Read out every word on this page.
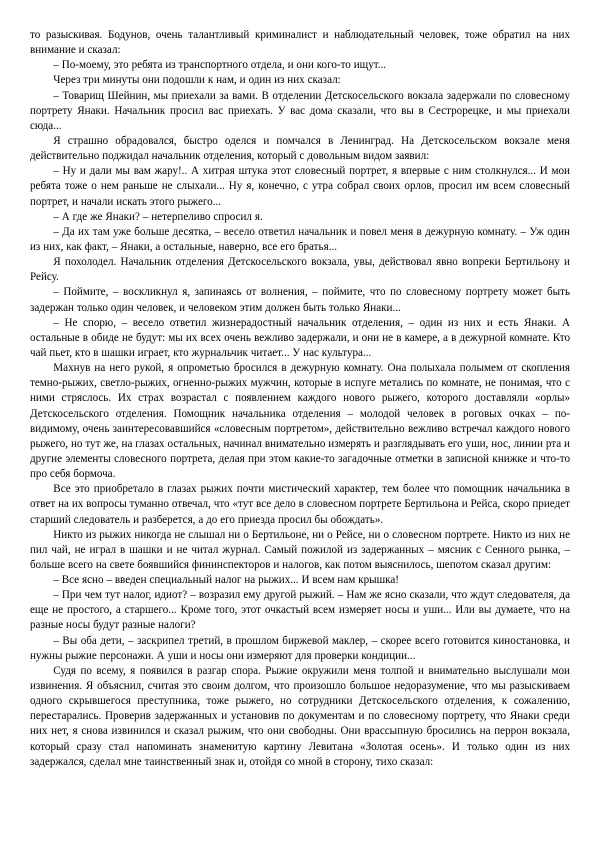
то разыскивая. Бодунов, очень талантливый криминалист и наблюдательный человек, тоже обратил на них внимание и сказал:

– По-моему, это ребята из транспортного отдела, и они кого-то ищут...

Через три минуты они подошли к нам, и один из них сказал:

– Товарищ Шейнин, мы приехали за вами. В отделении Детскосельского вокзала задержали по словесному портрету Янаки. Начальник просил вас приехать. У вас дома сказали, что вы в Сестрорецке, и мы приехали сюда...

Я страшно обрадовался, быстро оделся и помчался в Ленинград. На Детскосельском вокзале меня действительно поджидал начальник отделения, который с довольным видом заявил:

– Ну и дали мы вам жару!.. А хитрая штука этот словесный портрет, я впервые с ним столкнулся... И мои ребята тоже о нем раньше не слыхали... Ну я, конечно, с утра собрал своих орлов, просил им всем словесный портрет, и начали искать этого рыжего...

– А где же Янаки? – нетерпеливо спросил я.

– Да их там уже больше десятка, – весело ответил начальник и повел меня в дежурную комнату. – Уж один из них, как факт, – Янаки, а остальные, наверно, все его братья...

Я похолодел. Начальник отделения Детскосельского вокзала, увы, действовал явно вопреки Бертильону и Рейсу.

– Поймите, – воскликнул я, запинаясь от волнения, – поймите, что по словесному портрету может быть задержан только один человек, и человеком этим должен быть только Янаки...

– Не спорю, – весело ответил жизнерадостный начальник отделения, – один из них и есть Янаки. А остальные в обиде не будут: мы их всех очень вежливо задержали, и они не в камере, а в дежурной комнате. Кто чай пьет, кто в шашки играет, кто журнальчик читает... У нас культура...

Махнув на него рукой, я опрометью бросился в дежурную комнату. Она полыхала полымем от скопления темно-рыжих, светло-рыжих, огненно-рыжих мужчин, которые в испуге метались по комнате, не понимая, что с ними стряслось. Их страх возрастал с появлением каждого нового рыжего, которого доставляли «орлы» Детскосельского отделения. Помощник начальника отделения – молодой человек в роговых очках – по-видимому, очень заинтересовавшийся «словесным портретом», действительно вежливо встречал каждого нового рыжего, но тут же, на глазах остальных, начинал внимательно измерять и разглядывать его уши, нос, линии рта и другие элементы словесного портрета, делая при этом какие-то загадочные отметки в записной книжке и что-то про себя бормоча.

Все это приобретало в глазах рыжих почти мистический характер, тем более что помощник начальника в ответ на их вопросы туманно отвечал, что «тут все дело в словесном портрете Бертильона и Рейса, скоро приедет старший следователь и разберется, а до его приезда просил бы обождать».

Никто из рыжих никогда не слышал ни о Бертильоне, ни о Рейсе, ни о словесном портрете. Никто из них не пил чай, не играл в шашки и не читал журнал. Самый пожилой из задержанных – мясник с Сенного рынка, – больше всего на свете боявшийся фининспекторов и налогов, как потом выяснилось, шепотом сказал другим:

– Все ясно – введен специальный налог на рыжих... И всем нам крышка!

– При чем тут налог, идиот? – возразил ему другой рыжий. – Нам же ясно сказали, что ждут следователя, да еще не простого, а старшего... Кроме того, этот очкастый всем измеряет носы и уши... Или вы думаете, что на разные носы будут разные налоги?

– Вы оба дети, – заскрипел третий, в прошлом биржевой маклер, – скорее всего готовится киностановка, и нужны рыжие персонажи. А уши и носы они измеряют для проверки кондиции...

Судя по всему, я появился в разгар спора. Рыжие окружили меня толпой и внимательно выслушали мои извинения. Я объяснил, считая это своим долгом, что произошло большое недоразумение, что мы разыскиваем одного скрывшегося преступника, тоже рыжего, но сотрудники Детскосельского отделения, к сожалению, перестарались. Проверив задержанных и установив по документам и по словесному портрету, что Янаки среди них нет, я снова извинился и сказал рыжим, что они свободны. Они врассыпную бросились на перрон вокзала, который сразу стал напоминать знаменитую картину Левитана «Золотая осень». И только один из них задержался, сделал мне таинственный знак и, отойдя со мной в сторону, тихо сказал:
